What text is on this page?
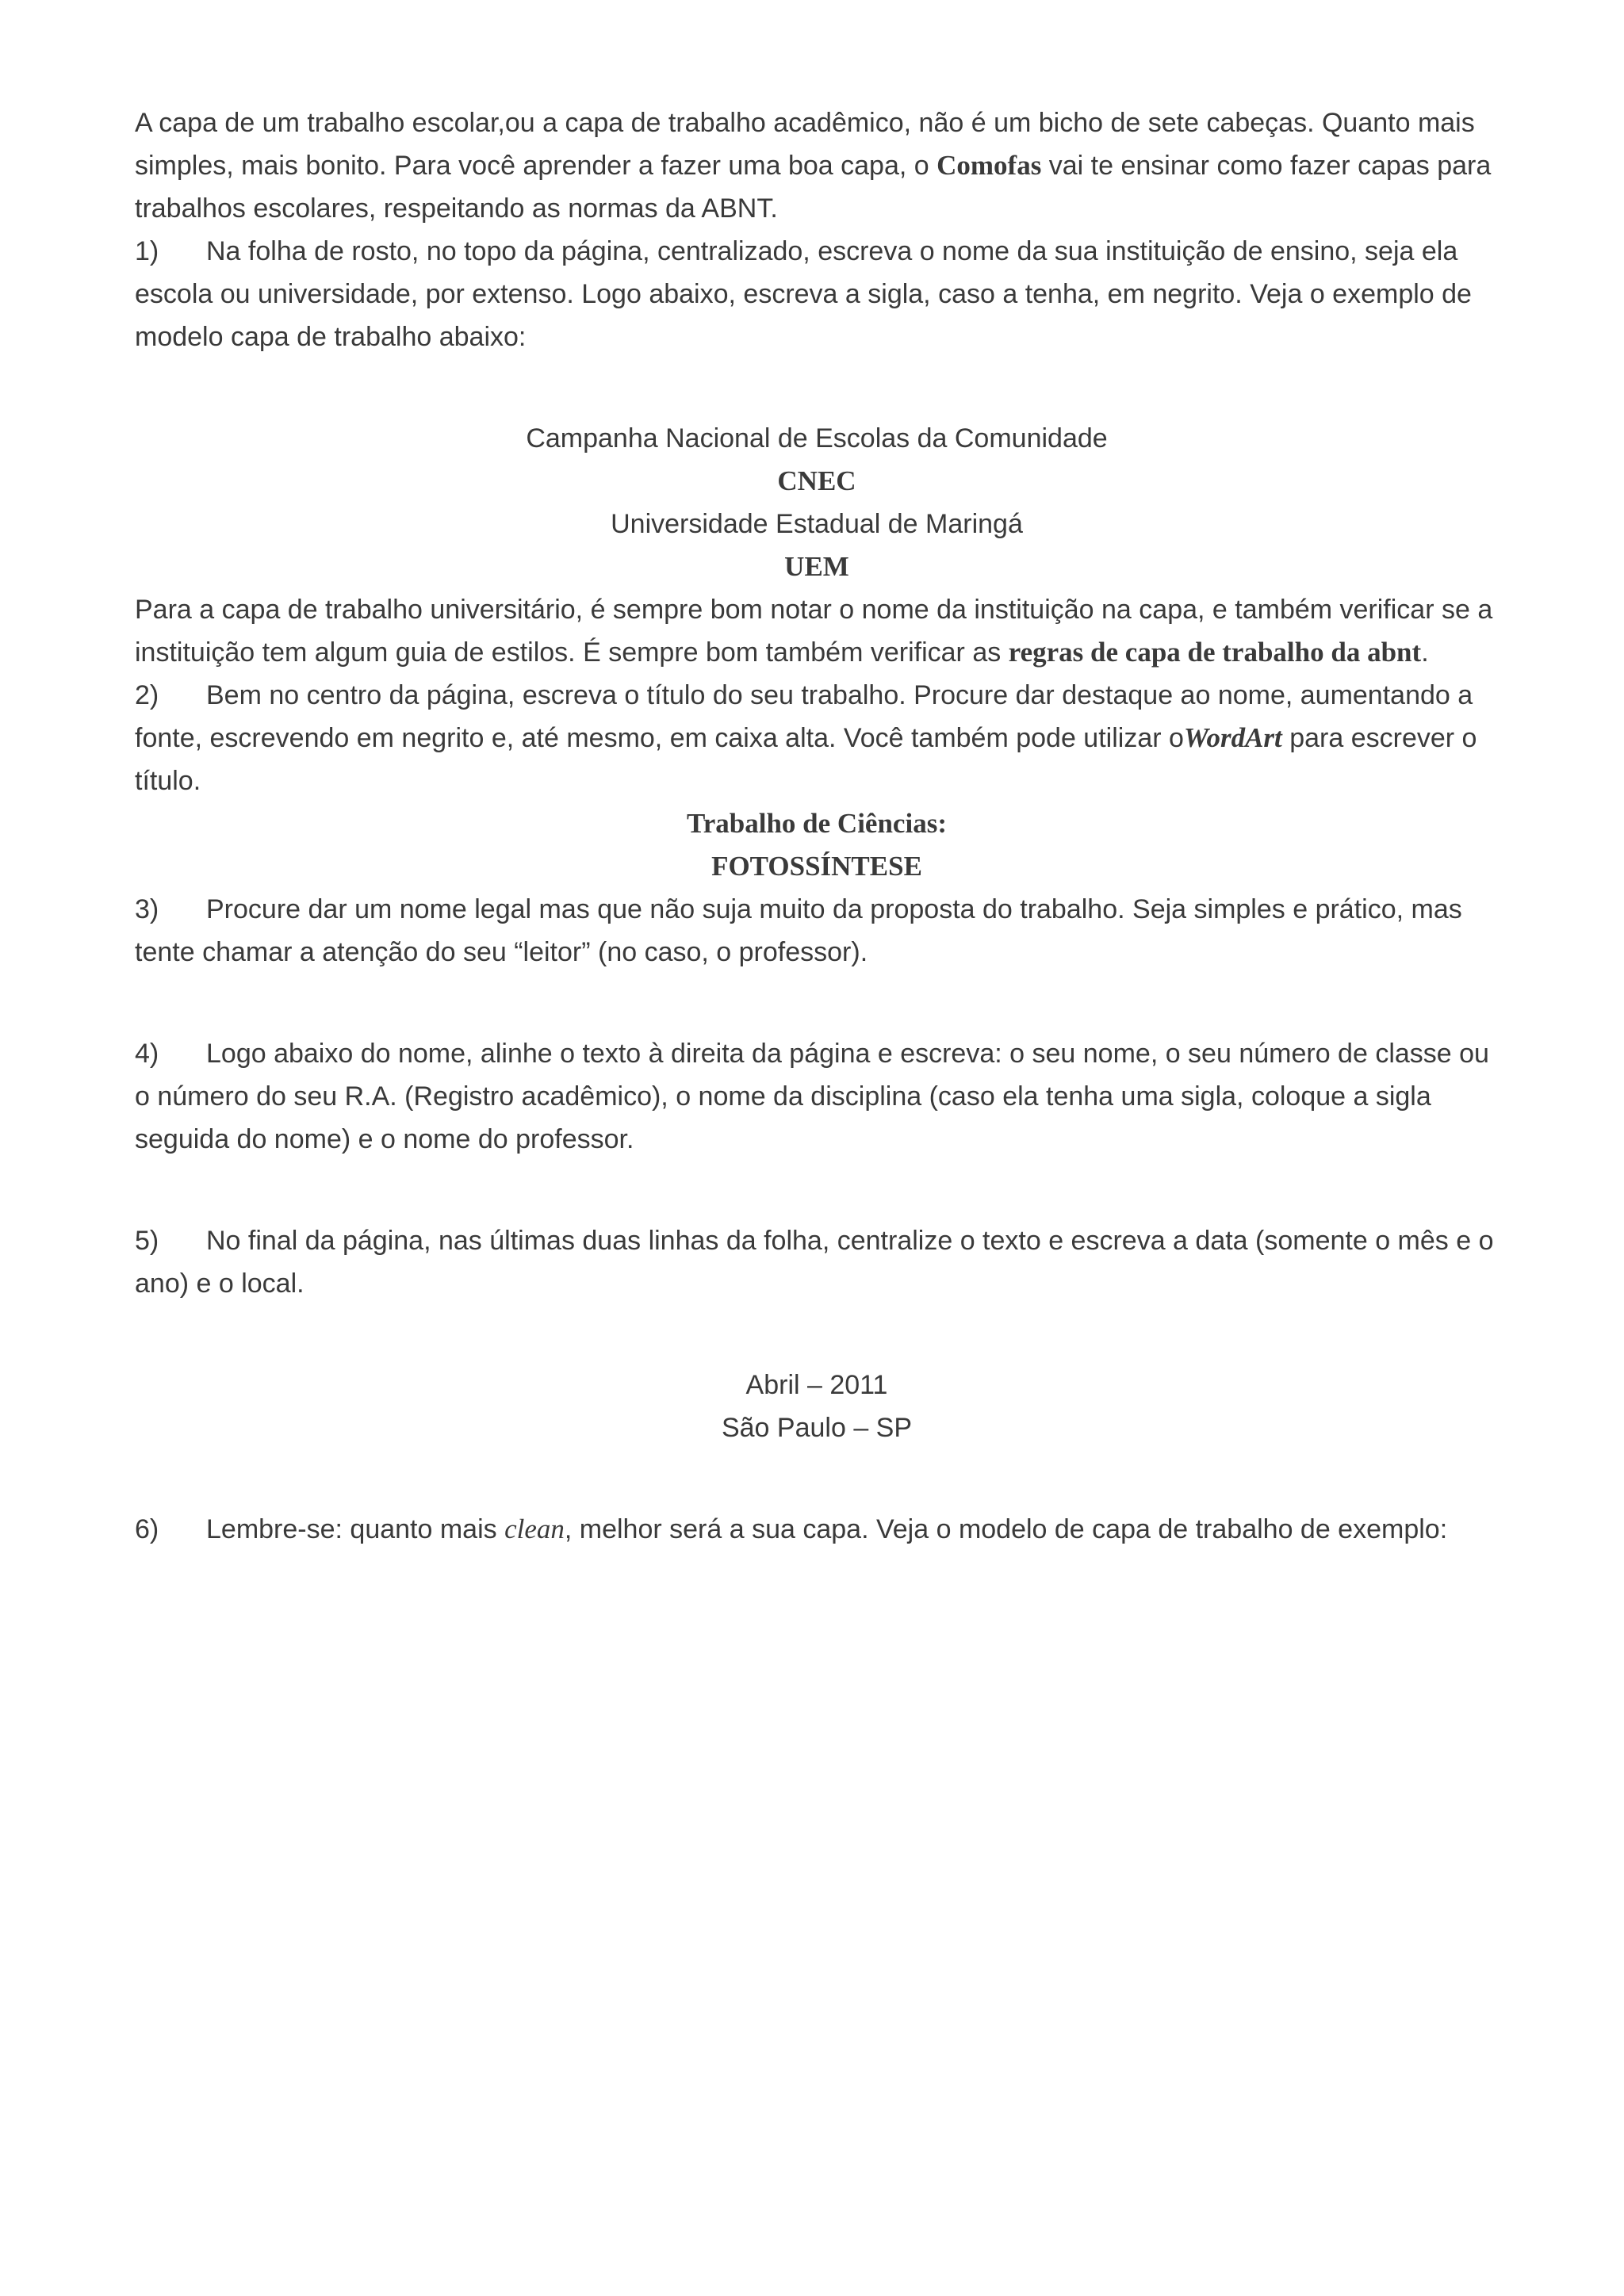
A capa de um trabalho escolar,ou a capa de trabalho acadêmico, não é um bicho de sete cabeças. Quanto mais simples, mais bonito. Para você aprender a fazer uma boa capa, o Comofas vai te ensinar como fazer capas para trabalhos escolares, respeitando as normas da ABNT.

1) Na folha de rosto, no topo da página, centralizado, escreva o nome da sua instituição de ensino, seja ela escola ou universidade, por extenso. Logo abaixo, escreva a sigla, caso a tenha, em negrito. Veja o exemplo de modelo capa de trabalho abaixo:

Campanha Nacional de Escolas da Comunidade

CNEC

Universidade Estadual de Maringá

UEM

Para a capa de trabalho universitário, é sempre bom notar o nome da instituição na capa, e também verificar se a instituição tem algum guia de estilos. É sempre bom também verificar as regras de capa de trabalho da abnt.

2) Bem no centro da página, escreva o título do seu trabalho. Procure dar destaque ao nome, aumentando a fonte, escrevendo em negrito e, até mesmo, em caixa alta. Você também pode utilizar oWordArt para escrever o título.

Trabalho de Ciências:

FOTOSSÍNTESE

3) Procure dar um nome legal mas que não suja muito da proposta do trabalho. Seja simples e prático, mas tente chamar a atenção do seu “leitor” (no caso, o professor).

4) Logo abaixo do nome, alinhe o texto à direita da página e escreva: o seu nome, o seu número de classe ou o número do seu R.A. (Registro acadêmico), o nome da disciplina (caso ela tenha uma sigla, coloque a sigla seguida do nome) e o nome do professor.

5) No final da página, nas últimas duas linhas da folha, centralize o texto e escreva a data (somente o mês e o ano) e o local.

Abril – 2011

São Paulo – SP

6) Lembre-se: quanto mais clean, melhor será a sua capa. Veja o modelo de capa de trabalho de exemplo:
